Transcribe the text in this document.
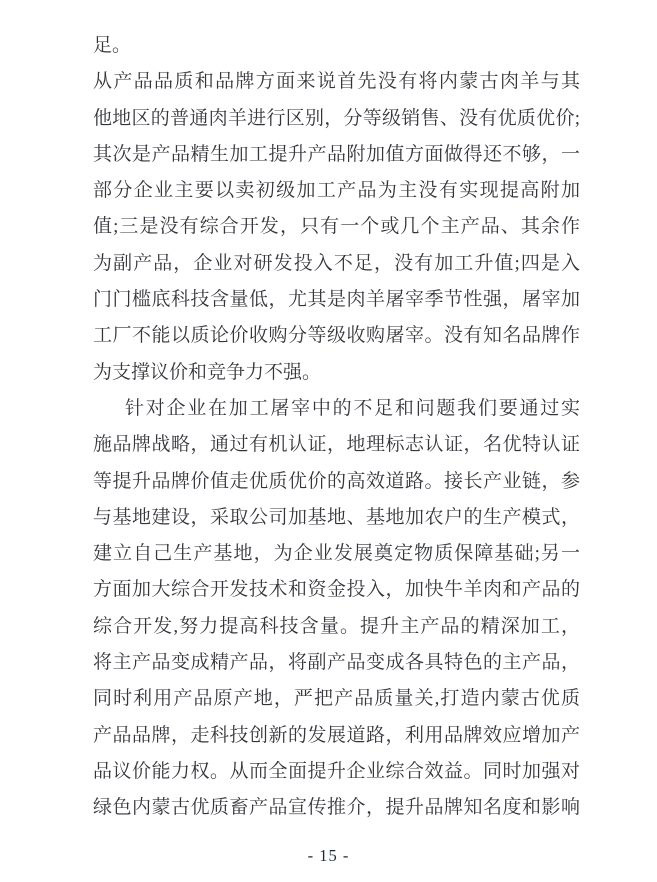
足。
从产品品质和品牌方面来说首先没有将内蒙古肉羊与其
他地区的普通肉羊进行区别，分等级销售、没有优质优价;
其次是产品精生加工提升产品附加值方面做得还不够，一
部分企业主要以卖初级加工产品为主没有实现提高附加
值;三是没有综合开发，只有一个或几个主产品、其余作
为副产品，企业对研发投入不足，没有加工升值;四是入
门门槛底科技含量低，尤其是肉羊屠宰季节性强，屠宰加
工厂不能以质论价收购分等级收购屠宰。没有知名品牌作
为支撑议价和竞争力不强。
针对企业在加工屠宰中的不足和问题我们要通过实
施品牌战略，通过有机认证，地理标志认证，名优特认证
等提升品牌价值走优质优价的高效道路。接长产业链，参
与基地建设，采取公司加基地、基地加农户的生产模式，
建立自己生产基地，为企业发展奠定物质保障基础;另一
方面加大综合开发技术和资金投入，加快牛羊肉和产品的
综合开发,努力提高科技含量。提升主产品的精深加工，
将主产品变成精产品，将副产品变成各具特色的主产品，
同时利用产品原产地，严把产品质量关,打造内蒙古优质
产品品牌，走科技创新的发展道路，利用品牌效应增加产
品议价能力权。从而全面提升企业综合效益。同时加强对
绿色内蒙古优质畜产品宣传推介，提升品牌知名度和影响
- 15 -
